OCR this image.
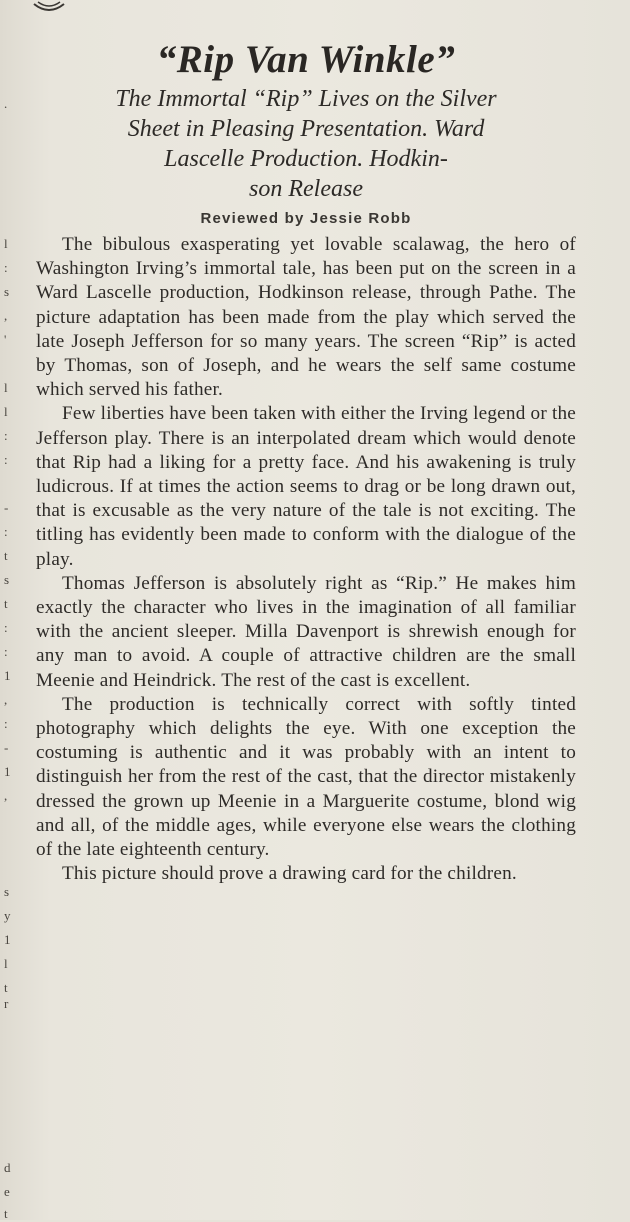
.
l
:
s
,
'
l
l
:
:
-
:
t
s
t
:
:
1
,
:
-
1
,
s
y
1
l
t
r
d
e
t
“Rip Van Winkle”
The Immortal “Rip” Lives on the Silver
Sheet in Pleasing Presentation. Ward
Lascelle Production. Hodkin-
son Release
Reviewed by Jessie Robb

The bibulous exasperating yet lovable scalawag, the hero of Washington Irving’s immortal tale, has been put on the screen in a Ward Lascelle production, Hodkinson release, through Pathe. The picture adaptation has been made from the play which served the late Joseph Jefferson for so many years. The screen “Rip” is acted by Thomas, son of Joseph, and he wears the self same costume which served his father.

Few liberties have been taken with either the Irving legend or the Jefferson play. There is an interpolated dream which would denote that Rip had a liking for a pretty face. And his awakening is truly ludicrous. If at times the action seems to drag or be long drawn out, that is excusable as the very nature of the tale is not exciting. The titling has evidently been made to conform with the dialogue of the play.

Thomas Jefferson is absolutely right as “Rip.” He makes him exactly the character who lives in the imagination of all familiar with the ancient sleeper. Milla Davenport is shrewish enough for any man to avoid. A couple of attractive children are the small Meenie and Heindrick. The rest of the cast is excellent.

The production is technically correct with softly tinted photography which delights the eye. With one exception the costuming is authentic and it was probably with an intent to distinguish her from the rest of the cast, that the director mistakenly dressed the grown up Meenie in a Marguerite costume, blond wig and all, of the middle ages, while everyone else wears the clothing of the late eighteenth century.

This picture should prove a drawing card for the children.
